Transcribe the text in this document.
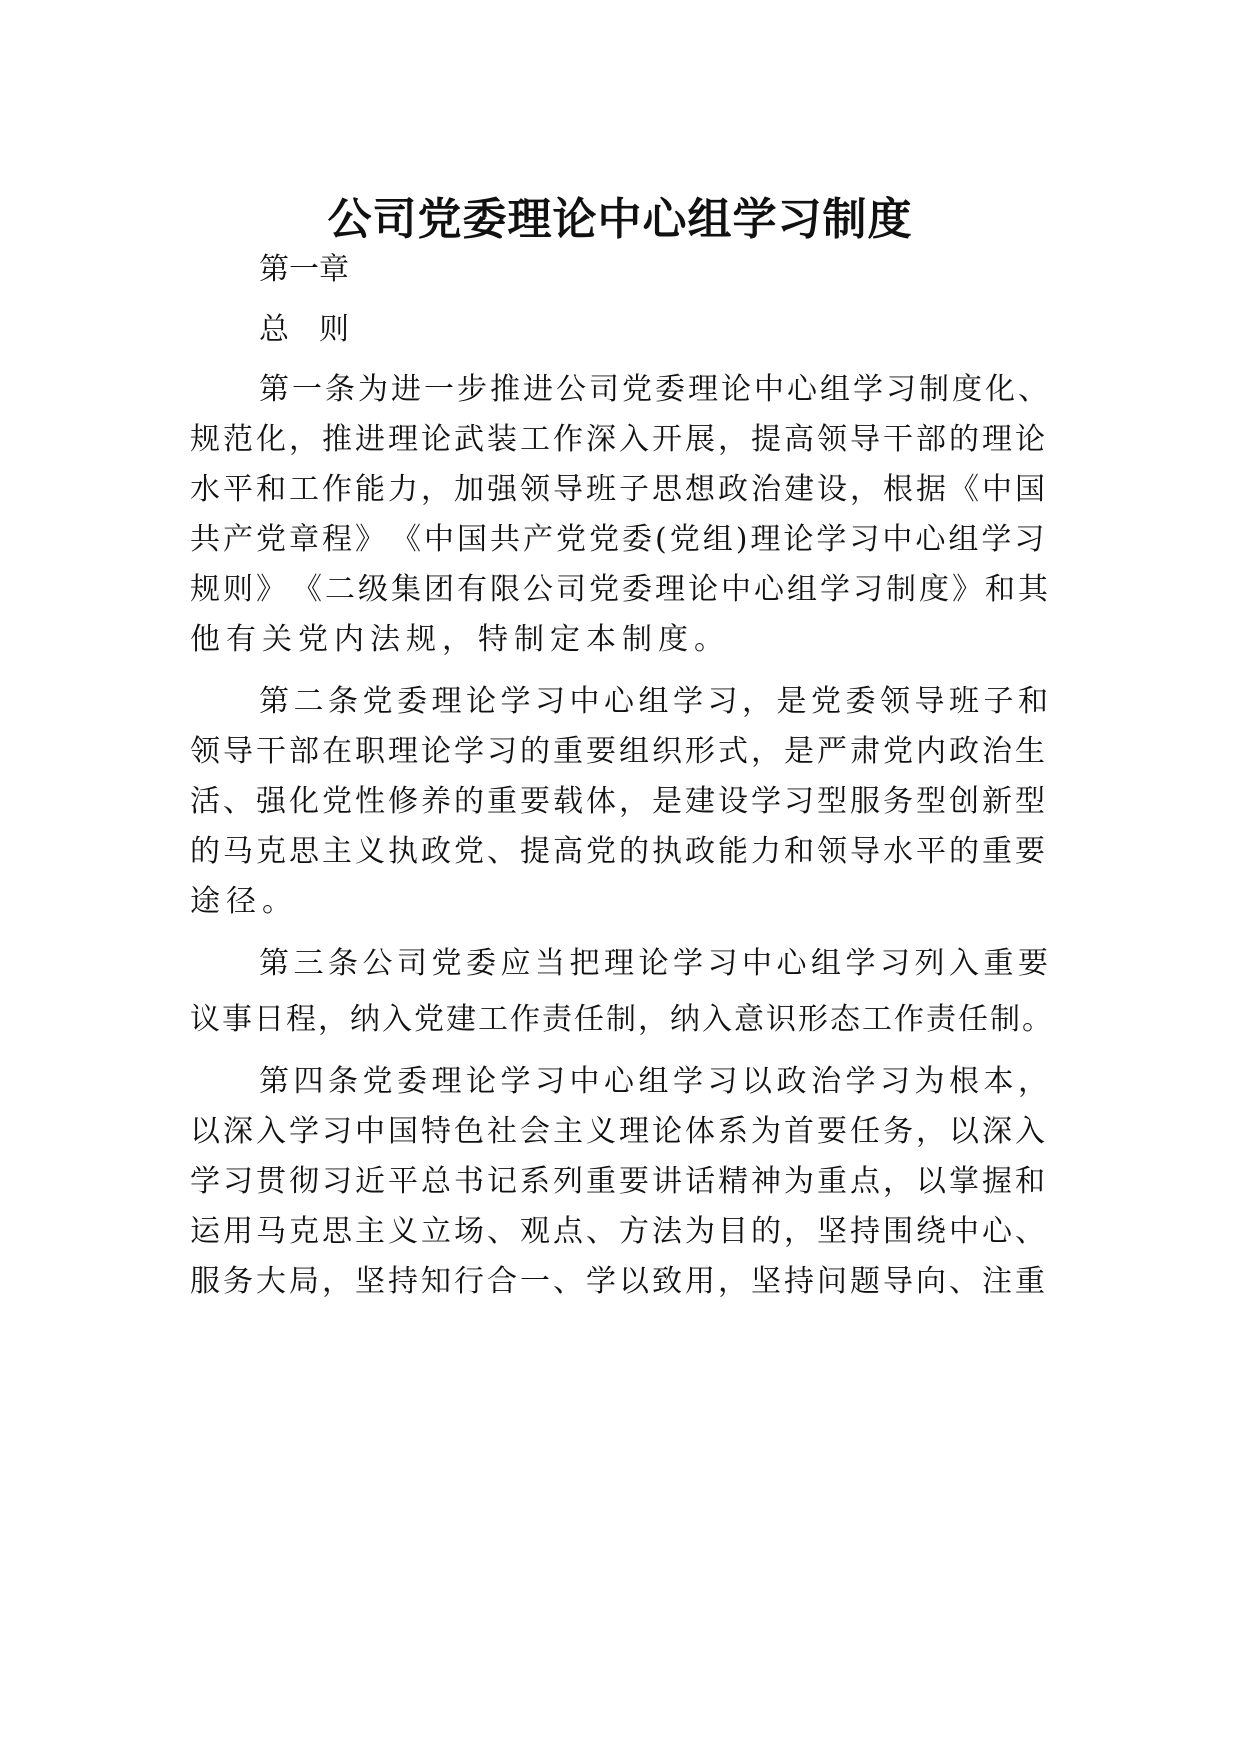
公司党委理论中心组学习制度

第一章

总　则

第一条为进一步推进公司党委理论中心组学习制度化、

规范化，推进理论武装工作深入开展，提高领导干部的理论

水平和工作能力，加强领导班子思想政治建设，根据《中国

共产党章程》　《中国共产党党委(党组)理论学习中心组学习

规则》　《二级集团有限公司党委理论中心组学习制度》和其

他有关党内法规，特制定本制度。

第二条党委理论学习中心组学习，是党委领导班子和

领导干部在职理论学习的重要组织形式，是严肃党内政治生

活、强化党性修养的重要载体，是建设学习型服务型创新型

的马克思主义执政党、提高党的执政能力和领导水平的重要

途径。

第三条公司党委应当把理论学习中心组学习列入重要

议事日程，纳入党建工作责任制，纳入意识形态工作责任制。

第四条党委理论学习中心组学习以政治学习为根本，

以深入学习中国特色社会主义理论体系为首要任务，以深入

学习贯彻习近平总书记系列重要讲话精神为重点，以掌握和

运用马克思主义立场、观点、方法为目的，坚持围绕中心、

服务大局，坚持知行合一、学以致用，坚持问题导向、注重
